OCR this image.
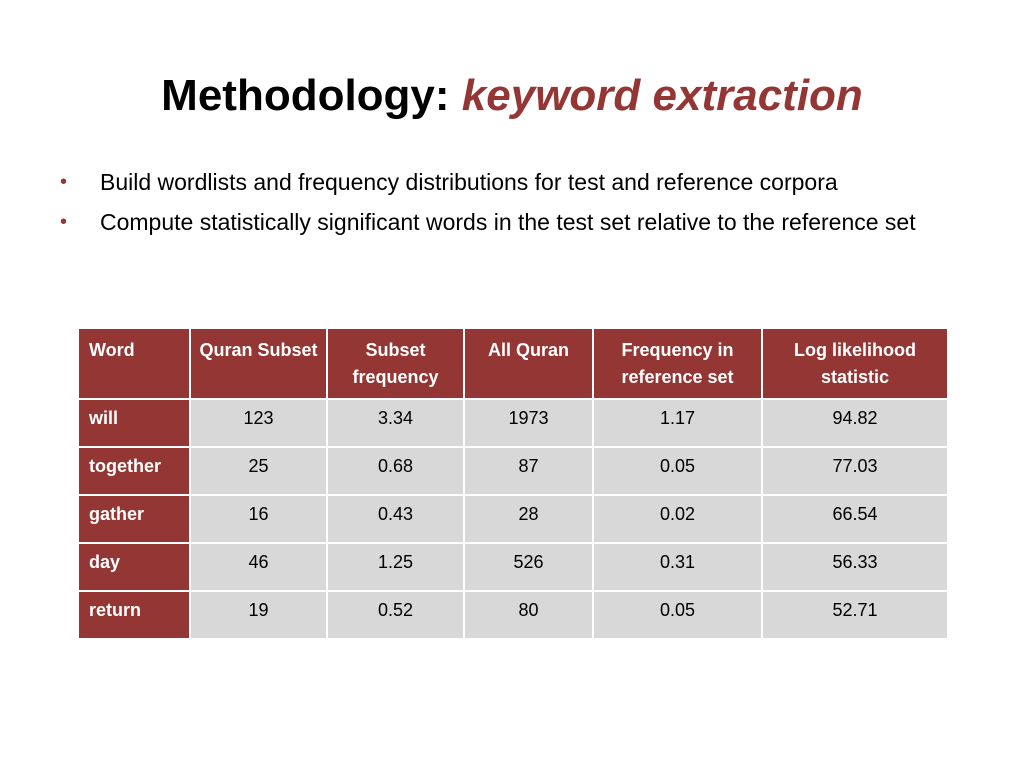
Methodology: keyword extraction
• Build wordlists and frequency distributions for test and reference corpora
• Compute statistically significant words in the test set relative to the reference set
Word	Quran Subset	Subset frequency	All Quran	Frequency in reference set	Log likelihood statistic
will	123	3.34	1973	1.17	94.82
together	25	0.68	87	0.05	77.03
gather	16	0.43	28	0.02	66.54
day	46	1.25	526	0.31	56.33
return	19	0.52	80	0.05	52.71
